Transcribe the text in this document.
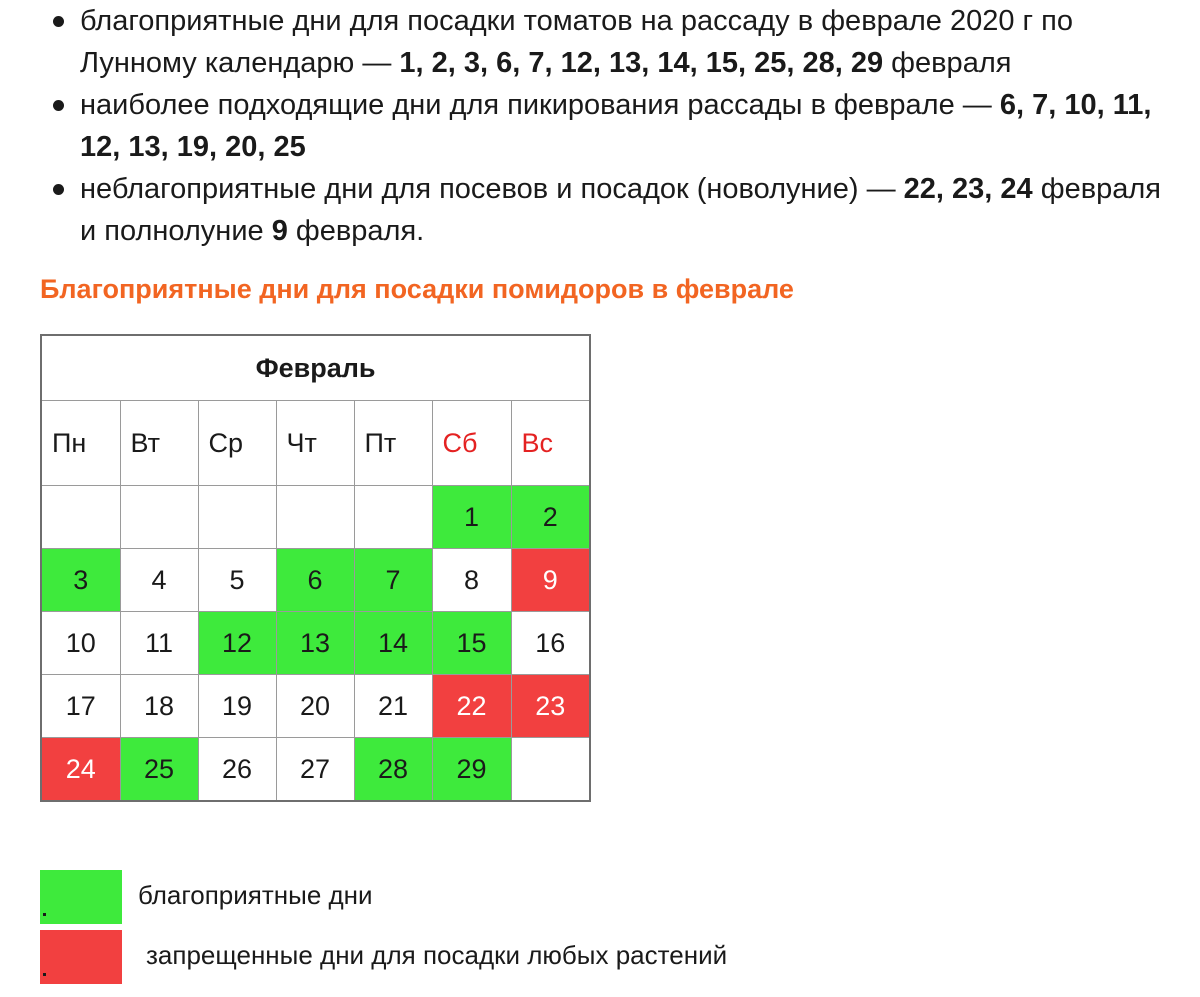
благоприятные дни для посадки томатов на рассаду в феврале 2020 г по Лунному календарю — 1, 2, 3, 6, 7, 12, 13, 14, 15, 25, 28, 29 февраля
наиболее подходящие дни для пикирования рассады в феврале — 6, 7, 10, 11, 12, 13, 19, 20, 25
неблагоприятные дни для посевов и посадок (новолуние) — 22, 23, 24 февраля и полнолуние 9 февраля.
Благоприятные дни для посадки помидоров в феврале
Февраль						
Пн	Вт	Ср	Чт	Пт	Сб	Вс
					1	2
3	4	5	6	7	8	9
10	11	12	13	14	15	16
17	18	19	20	21	22	23
24	25	26	27	28	29	
благоприятные дни
запрещенные дни для посадки любых растений
